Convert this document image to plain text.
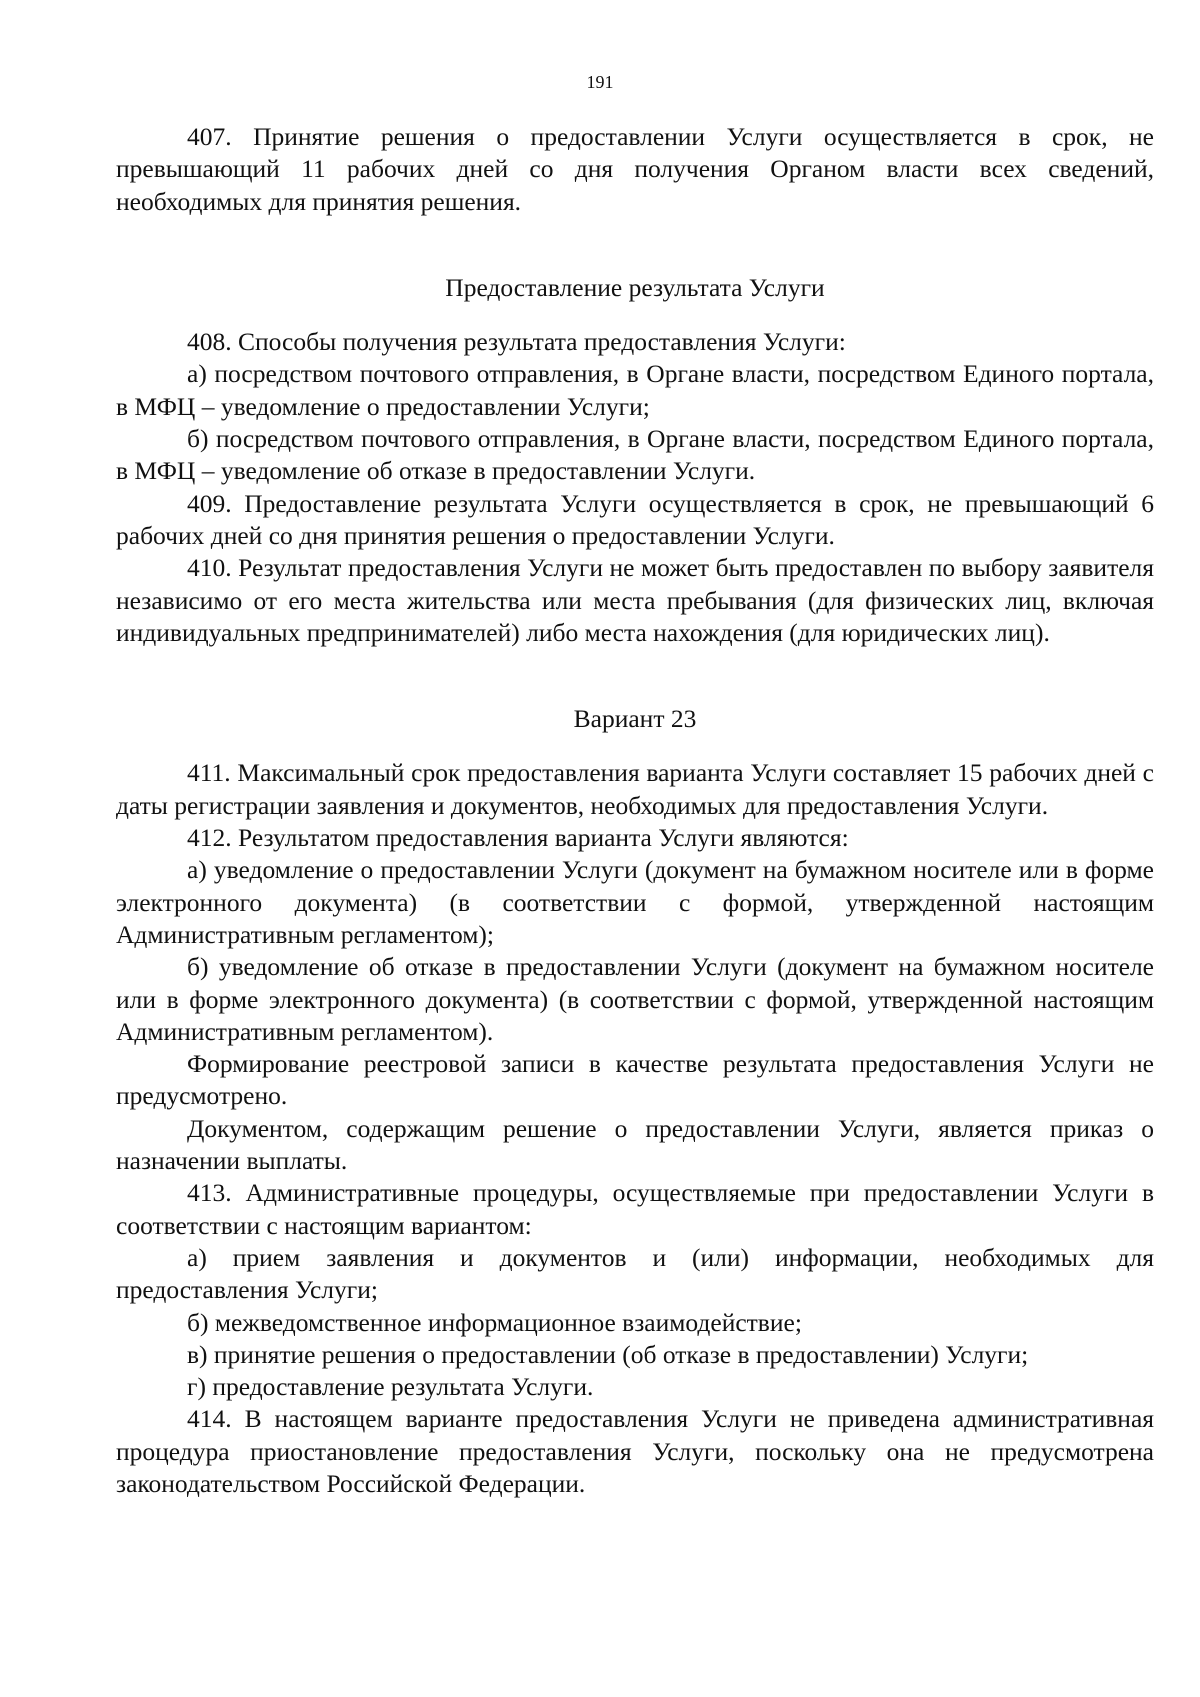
191

407. Принятие решения о предоставлении Услуги осуществляется в срок, не превышающий 11 рабочих дней со дня получения Органом власти всех сведений, необходимых для принятия решения.

Предоставление результата Услуги

408. Способы получения результата предоставления Услуги:

а) посредством почтового отправления, в Органе власти, посредством Единого портала, в МФЦ – уведомление о предоставлении Услуги;

б) посредством почтового отправления, в Органе власти, посредством Единого портала, в МФЦ – уведомление об отказе в предоставлении Услуги.

409. Предоставление результата Услуги осуществляется в срок, не превышающий 6 рабочих дней со дня принятия решения о предоставлении Услуги.

410. Результат предоставления Услуги не может быть предоставлен по выбору заявителя независимо от его места жительства или места пребывания (для физических лиц, включая индивидуальных предпринимателей) либо места нахождения (для юридических лиц).

Вариант 23

411. Максимальный срок предоставления варианта Услуги составляет 15 рабочих дней с даты регистрации заявления и документов, необходимых для предоставления Услуги.

412. Результатом предоставления варианта Услуги являются:

а) уведомление о предоставлении Услуги (документ на бумажном носителе или в форме электронного документа) (в соответствии с формой, утвержденной настоящим Административным регламентом);

б) уведомление об отказе в предоставлении Услуги (документ на бумажном носителе или в форме электронного документа) (в соответствии с формой, утвержденной настоящим Административным регламентом).

Формирование реестровой записи в качестве результата предоставления Услуги не предусмотрено.

Документом, содержащим решение о предоставлении Услуги, является приказ о назначении выплаты.

413. Административные процедуры, осуществляемые при предоставлении Услуги в соответствии с настоящим вариантом:

а) прием заявления и документов и (или) информации, необходимых для предоставления Услуги;

б) межведомственное информационное взаимодействие;

в) принятие решения о предоставлении (об отказе в предоставлении) Услуги;

г) предоставление результата Услуги.

414. В настоящем варианте предоставления Услуги не приведена административная процедура приостановление предоставления Услуги, поскольку она не предусмотрена законодательством Российской Федерации.
